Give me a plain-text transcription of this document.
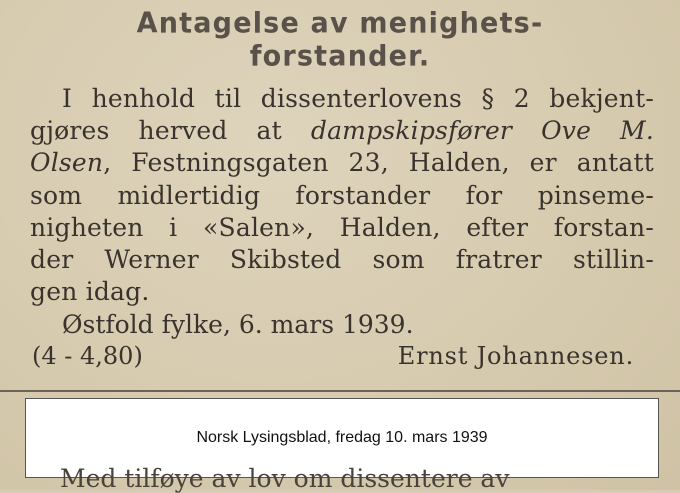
Antagelse av menighets-
forstander.
I henhold til dissenterlovens § 2 bekjent-
gjøres herved at dampskipsfører Ove M.
Olsen, Festningsgaten 23, Halden, er antatt
som midlertidig forstander for pinseme-
nigheten i «Salen», Halden, efter forstan-
der Werner Skibsted som fratrer stillin-
gen idag.
Østfold fylke, 6. mars 1939.
(4 - 4,80)	Ernst Johannesen.
Norsk Lysingsblad, fredag 10. mars 1939
Med tilføye av lov om dissentere av
